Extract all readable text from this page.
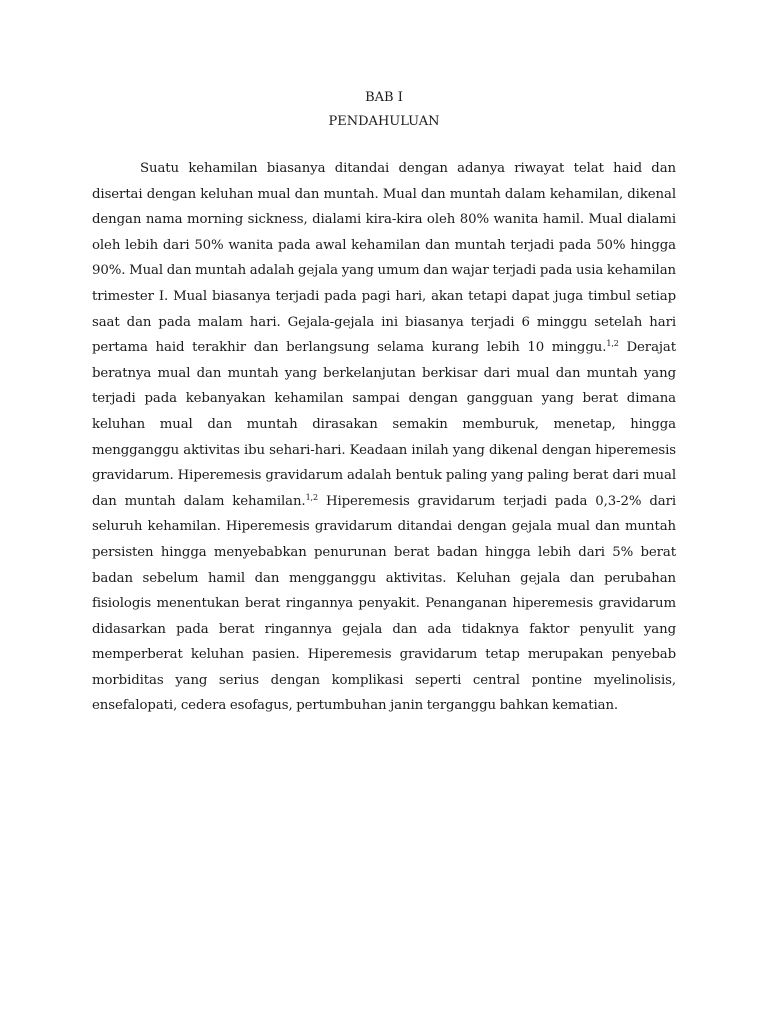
BAB I
PENDAHULUAN

Suatu kehamilan biasanya ditandai dengan adanya riwayat telat haid dan disertai dengan keluhan mual dan muntah. Mual dan muntah dalam kehamilan, dikenal dengan nama morning sickness, dialami kira-kira oleh 80% wanita hamil. Mual dialami oleh lebih dari 50% wanita pada awal kehamilan dan muntah terjadi pada 50% hingga 90%. Mual dan muntah adalah gejala yang umum dan wajar terjadi pada usia kehamilan trimester I. Mual biasanya terjadi pada pagi hari, akan tetapi dapat juga timbul setiap saat dan pada malam hari. Gejala-gejala ini biasanya terjadi 6 minggu setelah hari pertama haid terakhir dan berlangsung selama kurang lebih 10 minggu.$^{1,2}$ Derajat beratnya mual dan muntah yang berkelanjutan berkisar dari mual dan muntah yang terjadi pada kebanyakan kehamilan sampai dengan gangguan yang berat dimana keluhan mual dan muntah dirasakan semakin memburuk, menetap, hingga mengganggu aktivitas ibu sehari-hari. Keadaan inilah yang dikenal dengan hiperemesis gravidarum. Hiperemesis gravidarum adalah bentuk paling yang paling berat dari mual dan muntah dalam kehamilan.$^{1,2}$ Hiperemesis gravidarum terjadi pada 0,3-2% dari seluruh kehamilan. Hiperemesis gravidarum ditandai dengan gejala mual dan muntah persisten hingga menyebabkan penurunan berat badan hingga lebih dari 5% berat badan sebelum hamil dan mengganggu aktivitas. Keluhan gejala dan perubahan fisiologis menentukan berat ringannya penyakit. Penanganan hiperemesis gravidarum didasarkan pada berat ringannya gejala dan ada tidaknya faktor penyulit yang memperberat keluhan pasien. Hiperemesis gravidarum tetap merupakan penyebab morbiditas yang serius dengan komplikasi seperti central pontine myelinolisis, ensefalopati, cedera esofagus, pertumbuhan janin terganggu bahkan kematian.
